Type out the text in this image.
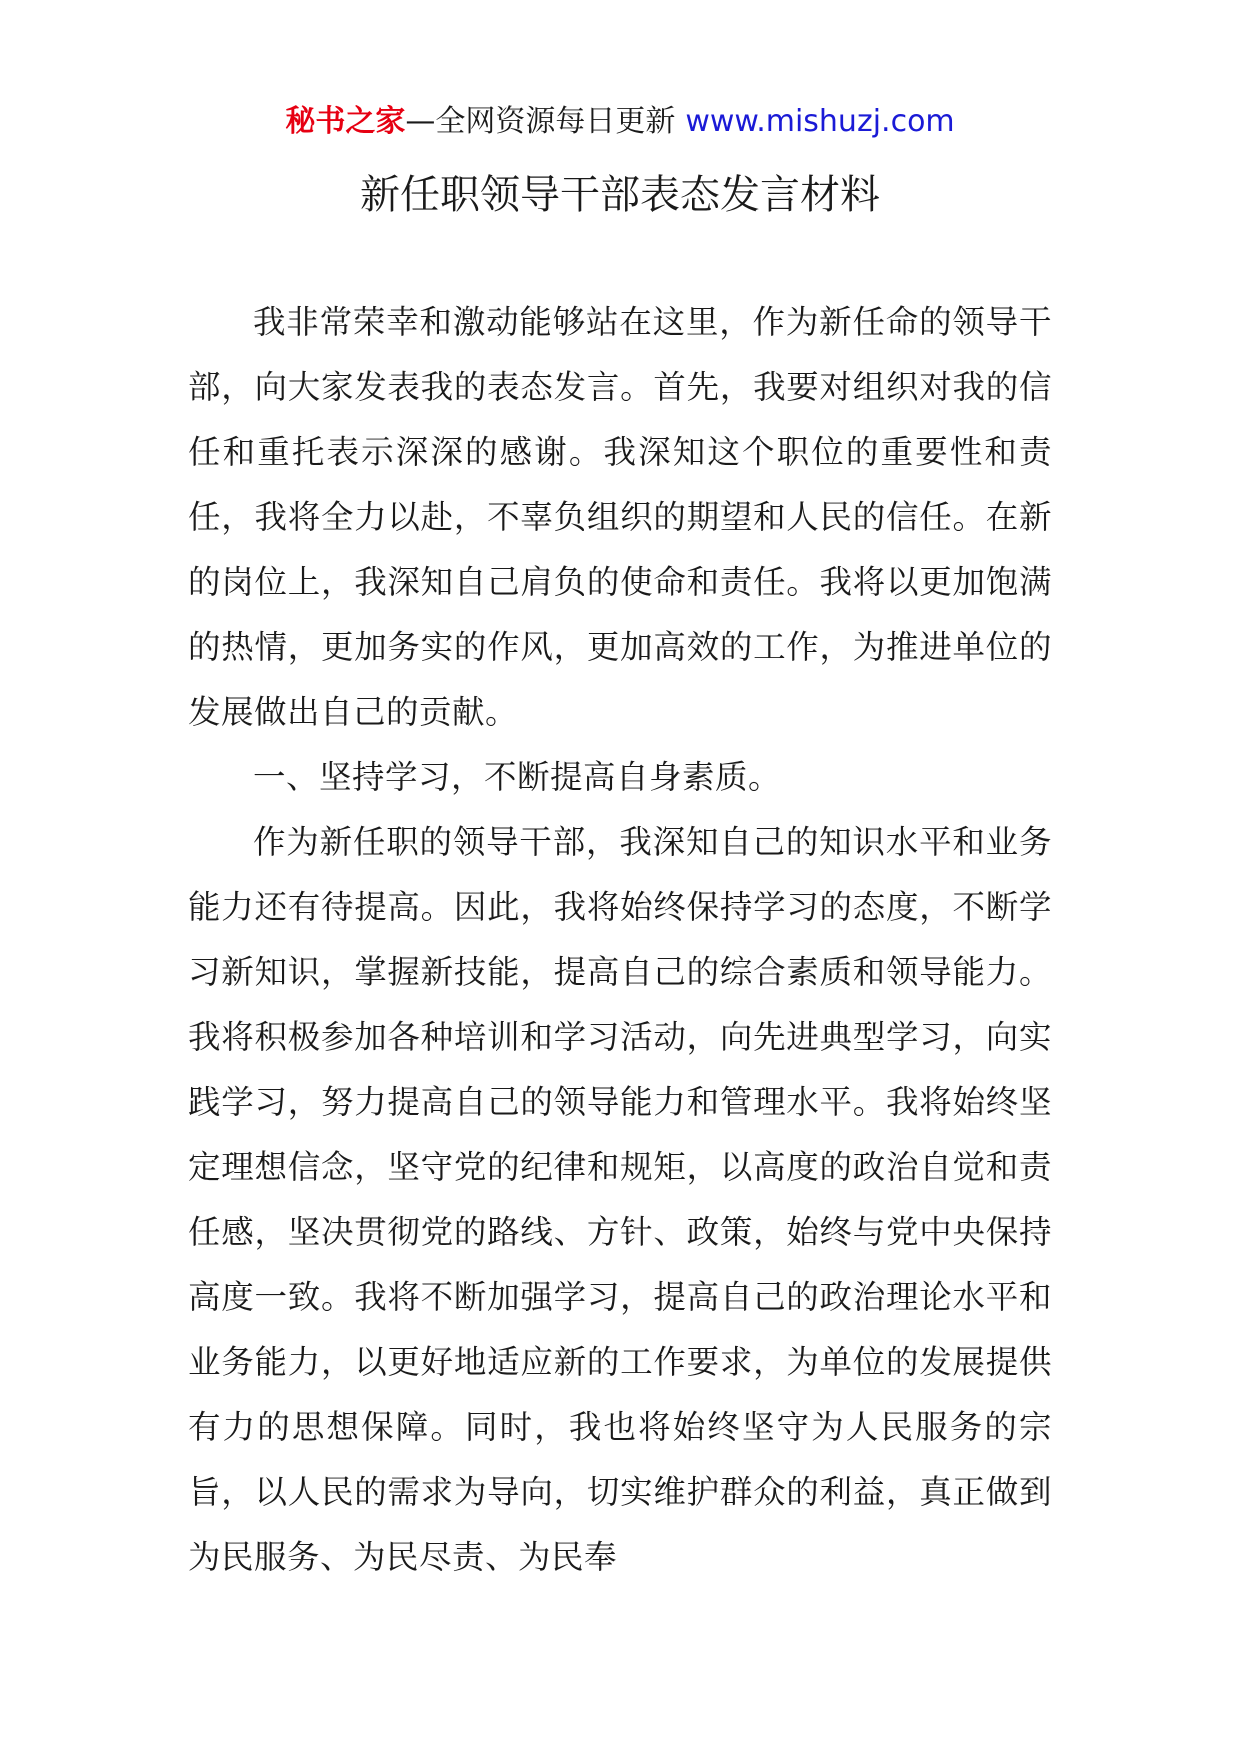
秘书之家—全网资源每日更新 www.mishuzj.com
新任职领导干部表态发言材料

我非常荣幸和激动能够站在这里，作为新任命的领导干部，向大家发表我的表态发言。首先，我要对组织对我的信任和重托表示深深的感谢。我深知这个职位的重要性和责任，我将全力以赴，不辜负组织的期望和人民的信任。在新的岗位上，我深知自己肩负的使命和责任。我将以更加饱满的热情，更加务实的作风，更加高效的工作，为推进单位的发展做出自己的贡献。

一、坚持学习，不断提高自身素质。

作为新任职的领导干部，我深知自己的知识水平和业务能力还有待提高。因此，我将始终保持学习的态度，不断学习新知识，掌握新技能，提高自己的综合素质和领导能力。我将积极参加各种培训和学习活动，向先进典型学习，向实践学习，努力提高自己的领导能力和管理水平。我将始终坚定理想信念，坚守党的纪律和规矩，以高度的政治自觉和责任感，坚决贯彻党的路线、方针、政策，始终与党中央保持高度一致。我将不断加强学习，提高自己的政治理论水平和业务能力，以更好地适应新的工作要求，为单位的发展提供有力的思想保障。同时，我也将始终坚守为人民服务的宗旨，以人民的需求为导向，切实维护群众的利益，真正做到为民服务、为民尽责、为民奉
